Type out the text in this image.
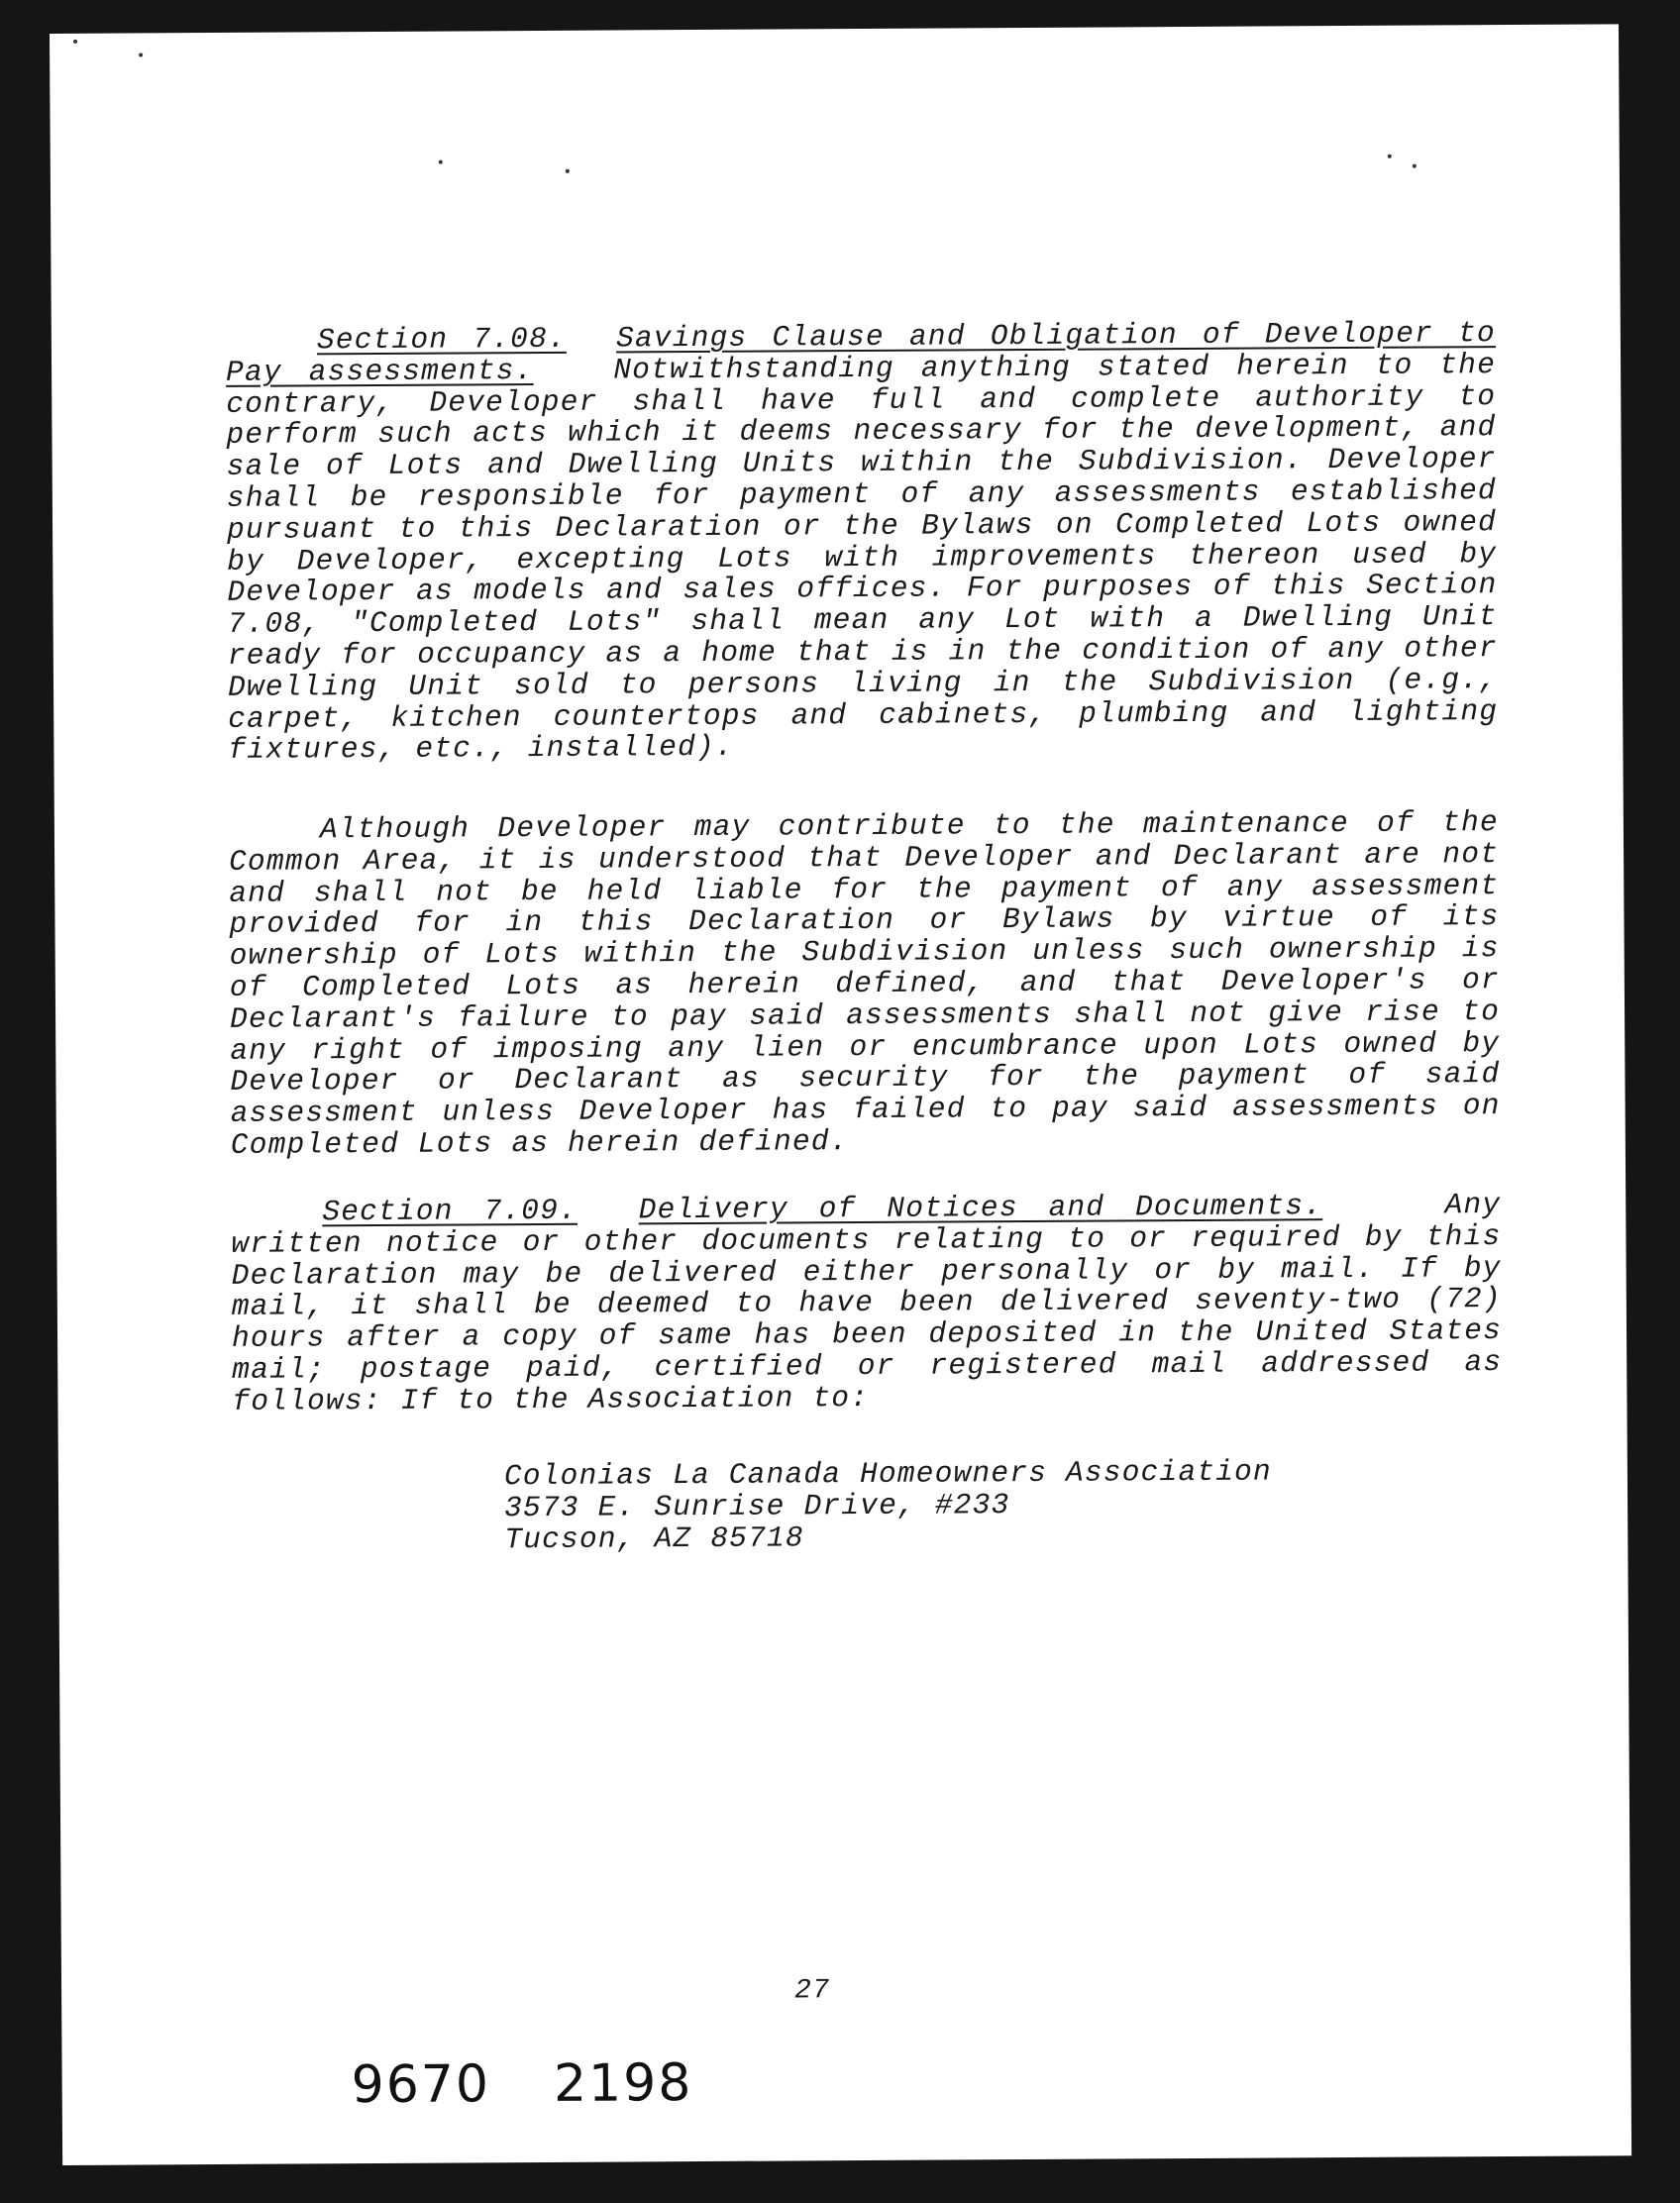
Section 7.08. Savings Clause and Obligation of Developer to Pay assessments.	Notwithstanding anything stated herein to the contrary, Developer shall have full and complete authority to perform such acts which it deems necessary for the development, and sale of Lots and Dwelling Units within the Subdivision. Developer shall be responsible for payment of any assessments established pursuant to this Declaration or the Bylaws on Completed Lots owned by Developer, excepting Lots with improvements thereon used by Developer as models and sales offices. For purposes of this Section 7.08, "Completed Lots" shall mean any Lot with a Dwelling Unit ready for occupancy as a home that is in the condition of any other Dwelling Unit sold to persons living in the Subdivision (e.g., carpet, kitchen countertops and cabinets, plumbing and lighting fixtures, etc., installed).

Although Developer may contribute to the maintenance of the Common Area, it is understood that Developer and Declarant are not and shall not be held liable for the payment of any assessment provided for in this Declaration or Bylaws by virtue of its ownership of Lots within the Subdivision unless such ownership is of Completed Lots as herein defined, and that Developer's or Declarant's failure to pay said assessments shall not give rise to any right of imposing any lien or encumbrance upon Lots owned by Developer or Declarant as security for the payment of said assessment unless Developer has failed to pay said assessments on Completed Lots as herein defined.

Section 7.09. Delivery of Notices and Documents.	Any written notice or other documents relating to or required by this Declaration may be delivered either personally or by mail. If by mail, it shall be deemed to have been delivered seventy-two (72) hours after a copy of same has been deposited in the United States mail; postage paid, certified or registered mail addressed as follows: If to the Association to:

Colonias La Canada Homeowners Association
3573 E. Sunrise Drive, #233
Tucson, AZ 85718
27
9670 2198
